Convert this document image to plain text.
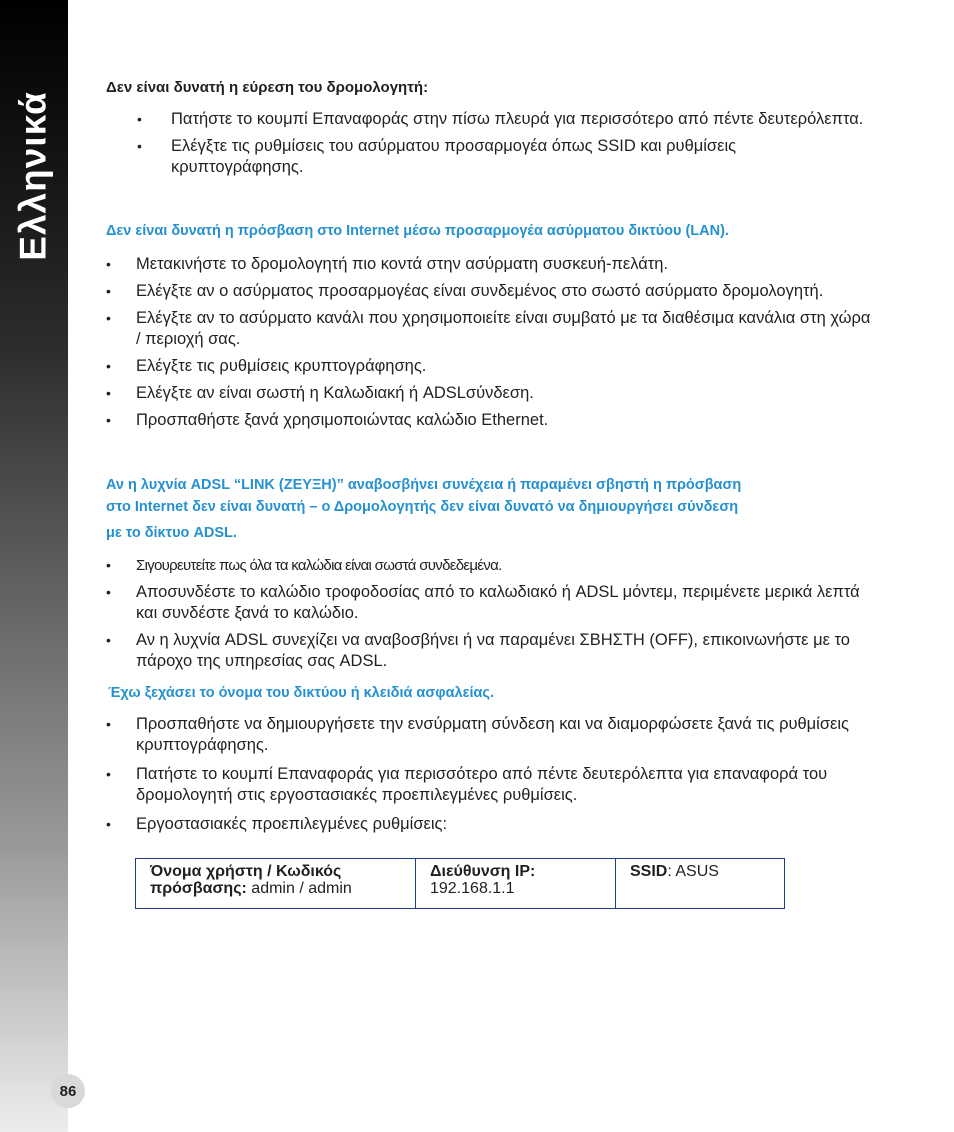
Ελληνικά
86
Δεν είναι δυνατή η εύρεση του δρομολογητή:
• Πατήστε το κουμπί Επαναφοράς στην πίσω πλευρά για περισσότερο από πέντε δευτερόλεπτα.
• Ελέγξτε τις ρυθμίσεις του ασύρματου προσαρμογέα όπως SSID και ρυθμίσεις κρυπτογράφησης.
Δεν είναι δυνατή η πρόσβαση στο Internet μέσω προσαρμογέα ασύρματου δικτύου (LAN).
• Μετακινήστε το δρομολογητή πιο κοντά στην ασύρματη συσκευή-πελάτη.
• Ελέγξτε αν ο ασύρματος προσαρμογέας είναι συνδεμένος στο σωστό ασύρματο δρομολογητή.
• Ελέγξτε αν το ασύρματο κανάλι που χρησιμοποιείτε είναι συμβατό με τα διαθέσιμα κανάλια στη χώρα / περιοχή σας.
• Ελέγξτε τις ρυθμίσεις κρυπτογράφησης.
• Ελέγξτε αν είναι σωστή η Καλωδιακή ή ADSLσύνδεση.
• Προσπαθήστε ξανά χρησιμοποιώντας καλώδιο Ethernet.
Αν η λυχνία ADSL “LINK (ΖΕΥΞΗ)” αναβοσβήνει συνέχεια ή παραμένει σβηστή η πρόσβαση
στο Internet δεν είναι δυνατή – ο Δρομολογητής δεν είναι δυνατό να δημιουργήσει σύνδεση
με το δίκτυο ADSL.
• Σιγουρευτείτε πως όλα τα καλώδια είναι σωστά συνδεδεμένα.
• Αποσυνδέστε το καλώδιο τροφοδοσίας από το καλωδιακό ή ADSL μόντεμ, περιμένετε μερικά λεπτά και συνδέστε ξανά το καλώδιο.
• Αν η λυχνία ADSL συνεχίζει να αναβοσβήνει ή να παραμένει ΣΒΗΣΤΗ (OFF), επικοινωνήστε με το πάροχο της υπηρεσίας σας ADSL.
Έχω ξεχάσει το όνομα του δικτύου ή κλειδιά ασφαλείας.
• Προσπαθήστε να δημιουργήσετε την ενσύρματη σύνδεση και να διαμορφώσετε ξανά τις ρυθμίσεις κρυπτογράφησης.
• Πατήστε το κουμπί Επαναφοράς για περισσότερο από πέντε δευτερόλεπτα για επαναφορά του δρομολογητή στις εργοστασιακές προεπιλεγμένες ρυθμίσεις.
• Εργοστασιακές προεπιλεγμένες ρυθμίσεις:
Όνομα χρήστη / Κωδικός πρόσβασης: admin / admin
Διεύθυνση IP:
192.168.1.1
SSID: ASUS
